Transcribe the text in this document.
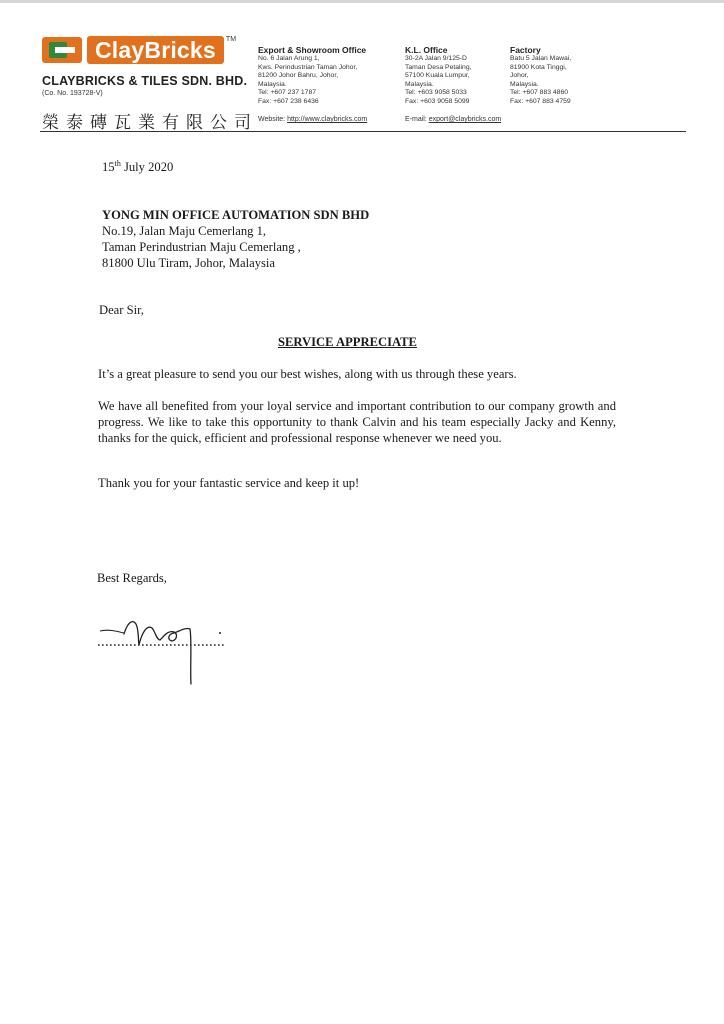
ClayBricks	TM
CLAYBRICKS & TILES SDN. BHD.
(Co. No. 193728-V)
榮泰磚瓦業有限公司
Export & Showroom Office
No. 6 Jalan Arung 1,
Kws. Perindustrian Taman Johor,
81200 Johor Bahru, Johor,
Malaysia.
Tel: +607 237 1787
Fax: +607 238 6436
Website: http://www.claybricks.com
K.L. Office
30-2A Jalan 9/125-D
Taman Desa Petaling,
57100 Kuala Lumpur,
Malaysia.
Tel: +603 9058 5033
Fax: +603 9058 5099
E-mail: export@claybricks.com
Factory
Batu 5 Jalan Mawai,
81900 Kota Tinggi,
Johor,
Malaysia.
Tel: +607 883 4860
Fax: +607 883 4759
15th July 2020
YONG MIN OFFICE AUTOMATION SDN BHD
No.19, Jalan Maju Cemerlang 1,
Taman Perindustrian Maju Cemerlang ,
81800 Ulu Tiram, Johor, Malaysia
Dear Sir,
SERVICE APPRECIATE
It’s a great pleasure to send you our best wishes, along with us through these years.
We have all benefited from your loyal service and important contribution to our company growth and progress. We like to take this opportunity to thank Calvin and his team especially Jacky and Kenny, thanks for the quick, efficient and professional response whenever we need you.
Thank you for your fantastic service and keep it up!
Best Regards,
